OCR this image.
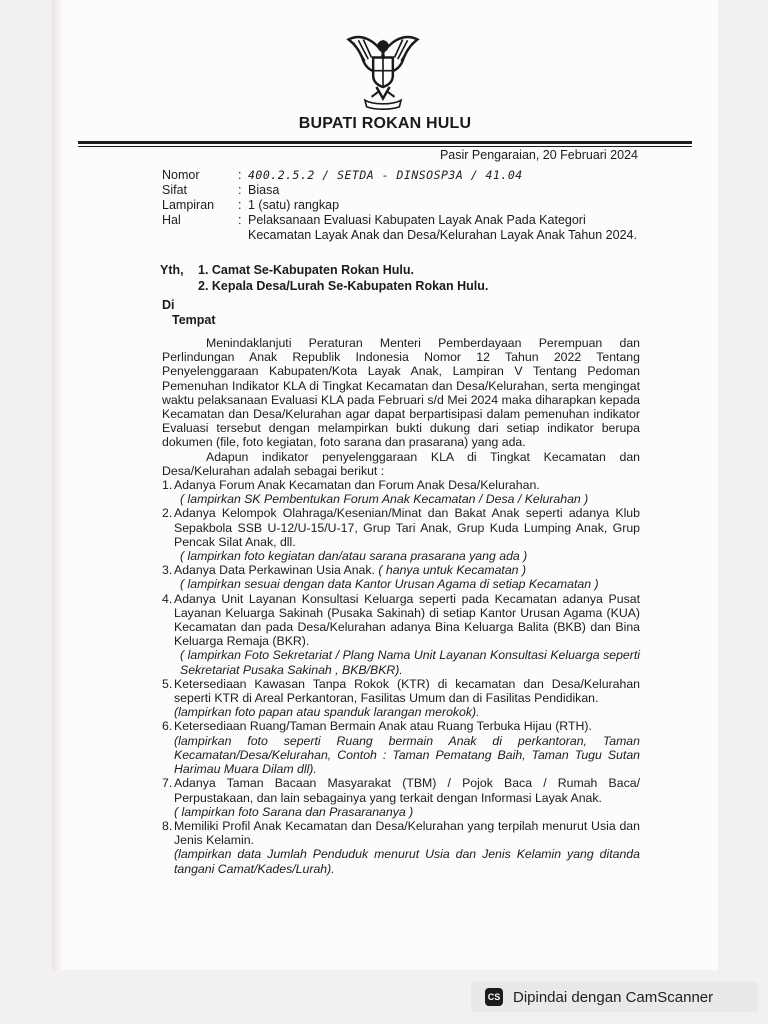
BUPATI ROKAN HULU
Pasir Pengaraian, 20 Februari 2024
Nomor	: 400.2.5.2 / SETDA - DINSOSP3A / 41.04
Sifat	: Biasa
Lampiran	: 1 (satu) rangkap
Hal	: Pelaksanaan Evaluasi Kabupaten Layak Anak Pada Kategori Kecamatan Layak Anak dan Desa/Kelurahan Layak Anak Tahun 2024.
Yth,	1. Camat Se-Kabupaten Rokan Hulu.
2. Kepala Desa/Lurah Se-Kabupaten Rokan Hulu.
Di
Tempat

Menindaklanjuti Peraturan Menteri Pemberdayaan Perempuan dan Perlindungan Anak Republik Indonesia Nomor 12 Tahun 2022 Tentang Penyelenggaraan Kabupaten/Kota Layak Anak, Lampiran V Tentang Pedoman Pemenuhan Indikator KLA di Tingkat Kecamatan dan Desa/Kelurahan, serta mengingat waktu pelaksanaan Evaluasi KLA pada Februari s/d Mei 2024 maka diharapkan kepada Kecamatan dan Desa/Kelurahan agar dapat berpartisipasi dalam pemenuhan indikator Evaluasi tersebut dengan melampirkan bukti dukung dari setiap indikator berupa dokumen (file, foto kegiatan, foto sarana dan prasarana) yang ada.

Adapun indikator penyelenggaraan KLA di Tingkat Kecamatan dan Desa/Kelurahan adalah sebagai berikut :

1. Adanya Forum Anak Kecamatan dan Forum Anak Desa/Kelurahan.
( lampirkan SK Pembentukan Forum Anak Kecamatan / Desa / Kelurahan )
2. Adanya Kelompok Olahraga/Kesenian/Minat dan Bakat Anak seperti adanya Klub Sepakbola SSB U-12/U-15/U-17, Grup Tari Anak, Grup Kuda Lumping Anak, Grup Pencak Silat Anak, dll.
( lampirkan foto kegiatan dan/atau sarana prasarana yang ada )
3. Adanya Data Perkawinan Usia Anak. ( hanya untuk Kecamatan )
( lampirkan sesuai dengan data Kantor Urusan Agama di setiap Kecamatan )
4. Adanya Unit Layanan Konsultasi Keluarga seperti pada Kecamatan adanya Pusat Layanan Keluarga Sakinah (Pusaka Sakinah) di setiap Kantor Urusan Agama (KUA) Kecamatan dan pada Desa/Kelurahan adanya Bina Keluarga Balita (BKB) dan Bina Keluarga Remaja (BKR).
( lampirkan Foto Sekretariat / Plang Nama Unit Layanan Konsultasi Keluarga seperti Sekretariat Pusaka Sakinah , BKB/BKR).
5. Ketersediaan Kawasan Tanpa Rokok (KTR) di kecamatan dan Desa/Kelurahan seperti KTR di Areal Perkantoran, Fasilitas Umum dan di Fasilitas Pendidikan.
(lampirkan foto papan atau spanduk larangan merokok).
6. Ketersediaan Ruang/Taman Bermain Anak atau Ruang Terbuka Hijau (RTH).
(lampirkan foto seperti Ruang bermain Anak di perkantoran, Taman Kecamatan/Desa/Kelurahan, Contoh : Taman Pematang Baih, Taman Tugu Sutan Harimau Muara Dilam dll).
7. Adanya Taman Bacaan Masyarakat (TBM) / Pojok Baca / Rumah Baca/ Perpustakaan, dan lain sebagainya yang terkait dengan Informasi Layak Anak.
( lampirkan foto Sarana dan Prasarananya )
8. Memiliki Profil Anak Kecamatan dan Desa/Kelurahan yang terpilah menurut Usia dan Jenis Kelamin.
(lampirkan data Jumlah Penduduk menurut Usia dan Jenis Kelamin yang ditanda tangani Camat/Kades/Lurah).
CS Dipindai dengan CamScanner
